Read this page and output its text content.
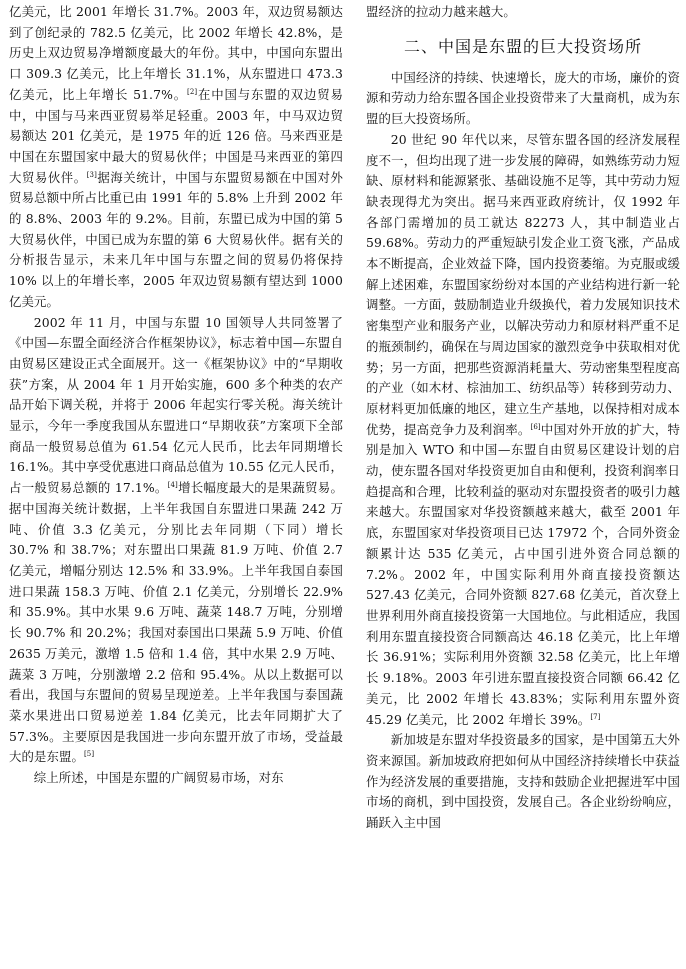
亿美元，比 2001 年增长 31.7%。2003 年，双边贸易额达到了创纪录的 782.5 亿美元，比 2002 年增长 42.8%，是历史上双边贸易净增额度最大的年份。其中，中国向东盟出口 309.3 亿美元，比上年增长 31.1%，从东盟进口 473.3 亿美元，比上年增长 51.7%。[2]在中国与东盟的双边贸易中，中国与马来西亚贸易举足轻重。2003 年，中马双边贸易额达 201 亿美元，是 1975 年的近 126 倍。马来西亚是中国在东盟国家中最大的贸易伙伴；中国是马来西亚的第四大贸易伙伴。[3]据海关统计，中国与东盟贸易额在中国对外贸易总额中所占比重已由 1991 年的 5.8% 上升到 2002 年的 8.8%、2003 年的 9.2%。目前，东盟已成为中国的第 5 大贸易伙伴，中国已成为东盟的第 6 大贸易伙伴。据有关的分析报告显示，未来几年中国与东盟之间的贸易仍将保持 10% 以上的年增长率，2005 年双边贸易额有望达到 1000 亿美元。

2002 年 11 月，中国与东盟 10 国领导人共同签署了《中国—东盟全面经济合作框架协议》，标志着中国—东盟自由贸易区建设正式全面展开。这一《框架协议》中的“早期收获”方案，从 2004 年 1 月开始实施，600 多个种类的农产品开始下调关税，并将于 2006 年起实行零关税。海关统计显示，今年一季度我国从东盟进口“早期收获”方案项下全部商品一般贸易总值为 61.54 亿元人民币，比去年同期增长 16.1%。其中享受优惠进口商品总值为 10.55 亿元人民币，占一般贸易总额的 17.1%。[4]增长幅度最大的是果蔬贸易。据中国海关统计数据，上半年我国自东盟进口果蔬 242 万吨、价值 3.3 亿美元，分别比去年同期（下同）增长 30.7% 和 38.7%；对东盟出口果蔬 81.9 万吨、价值 2.7 亿美元，增幅分别达 12.5% 和 33.9%。上半年我国自泰国进口果蔬 158.3 万吨、价值 2.1 亿美元，分别增长 22.9% 和 35.9%。其中水果 9.6 万吨、蔬菜 148.7 万吨，分别增长 90.7% 和 20.2%；我国对泰国出口果蔬 5.9 万吨、价值 2635 万美元，激增 1.5 倍和 1.4 倍，其中水果 2.9 万吨、蔬菜 3 万吨，分别激增 2.2 倍和 95.4%。从以上数据可以看出，我国与东盟间的贸易呈现逆差。上半年我国与泰国蔬菜水果进出口贸易逆差 1.84 亿美元，比去年同期扩大了 57.3%。主要原因是我国进一步向东盟开放了市场，受益最大的是东盟。[5]

综上所述，中国是东盟的广阔贸易市场，对东

盟经济的拉动力越来越大。

二、中国是东盟的巨大投资场所

中国经济的持续、快速增长，庞大的市场，廉价的资源和劳动力给东盟各国企业投资带来了大量商机，成为东盟的巨大投资场所。

20 世纪 90 年代以来，尽管东盟各国的经济发展程度不一，但均出现了进一步发展的障碍，如熟练劳动力短缺、原材料和能源紧张、基础设施不足等，其中劳动力短缺表现得尤为突出。据马来西亚政府统计，仅 1992 年各部门需增加的员工就达 82273 人，其中制造业占 59.68%。劳动力的严重短缺引发企业工资飞涨，产品成本不断提高，企业效益下降，国内投资萎缩。为克服或缓解上述困难，东盟国家纷纷对本国的产业结构进行新一轮调整。一方面，鼓励制造业升级换代，着力发展知识技术密集型产业和服务产业，以解决劳动力和原材料严重不足的瓶颈制约，确保在与周边国家的激烈竞争中获取相对优势；另一方面，把那些资源消耗量大、劳动密集型程度高的产业（如木材、棕油加工、纺织品等）转移到劳动力、原材料更加低廉的地区，建立生产基地，以保持相对成本优势，提高竞争力及利润率。[6]中国对外开放的扩大，特别是加入 WTO 和中国—东盟自由贸易区建设计划的启动，使东盟各国对华投资更加自由和便利，投资利润率日趋提高和合理，比较利益的驱动对东盟投资者的吸引力越来越大。东盟国家对华投资额越来越大，截至 2001 年底，东盟国家对华投资项目已达 17972 个，合同外资金额累计达 535 亿美元，占中国引进外资合同总额的 7.2%。2002 年，中国实际利用外商直接投资额达 527.43 亿美元，合同外资额 827.68 亿美元，首次登上世界利用外商直接投资第一大国地位。与此相适应，我国利用东盟直接投资合同额高达 46.18 亿美元，比上年增长 36.91%；实际利用外资额 32.58 亿美元，比上年增长 9.18%。2003 年引进东盟直接投资合同额 66.42 亿美元，比 2002 年增长 43.83%；实际利用东盟外资 45.29 亿美元，比 2002 年增长 39%。[7]

新加坡是东盟对华投资最多的国家，是中国第五大外资来源国。新加坡政府把如何从中国经济持续增长中获益作为经济发展的重要措施，支持和鼓励企业把握进军中国市场的商机，到中国投资，发展自己。各企业纷纷响应，踊跃入主中国
